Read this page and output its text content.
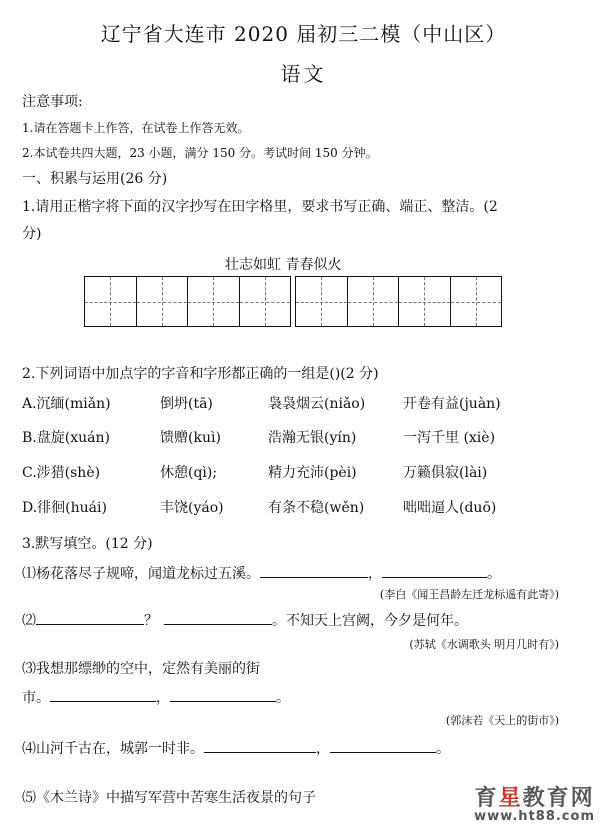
辽宁省大连市 2020 届初三二模（中山区）
语文
注意事项:
1.请在答题卡上作答，在试卷上作答无效。
2.本试卷共四大题，23 小题，满分 150 分。考试时间 150 分钟。
一、积累与运用(26 分)
1.请用正楷字将下面的汉字抄写在田字格里，要求书写正确、端正、整洁。(2
分)
壮志如虹 青春似火
2.下列词语中加点字的字音和字形都正确的一组是()(2 分)
A.沉缅(miǎn)	倒坍(tā)	袅袅烟云(niǎo)	开卷有益(juàn)
B.盘旋(xuán)	馈赠(kuì)	浩瀚无银(yín)	一泻千里 (xiè)
C.涉猎(shè)	休憩(qì);	精力充沛(pèi)	万籁俱寂(lài)
D.徘徊(huái)	丰饶(yáo)	有条不稳(wěn)	咄咄逼人(duō)
3.默写填空。(12 分)
⑴杨花落尽子规啼，闻道龙标过五溪。	，	。
(李白《闻王昌龄左迁龙标遥有此寄》)
⑵	？	。不知天上宫阙，今夕是何年。
(苏轼《水调歌头 明月几时有》)
⑶我想那缥缈的空中，定然有美丽的街
市。	，	。
(郭沫若《天上的街市》)
⑷山河千古在，城郭一时非。	，	。
⑸《木兰诗》中描写军营中苦寒生活夜景的句子	育星教育网
www.ht88.com
